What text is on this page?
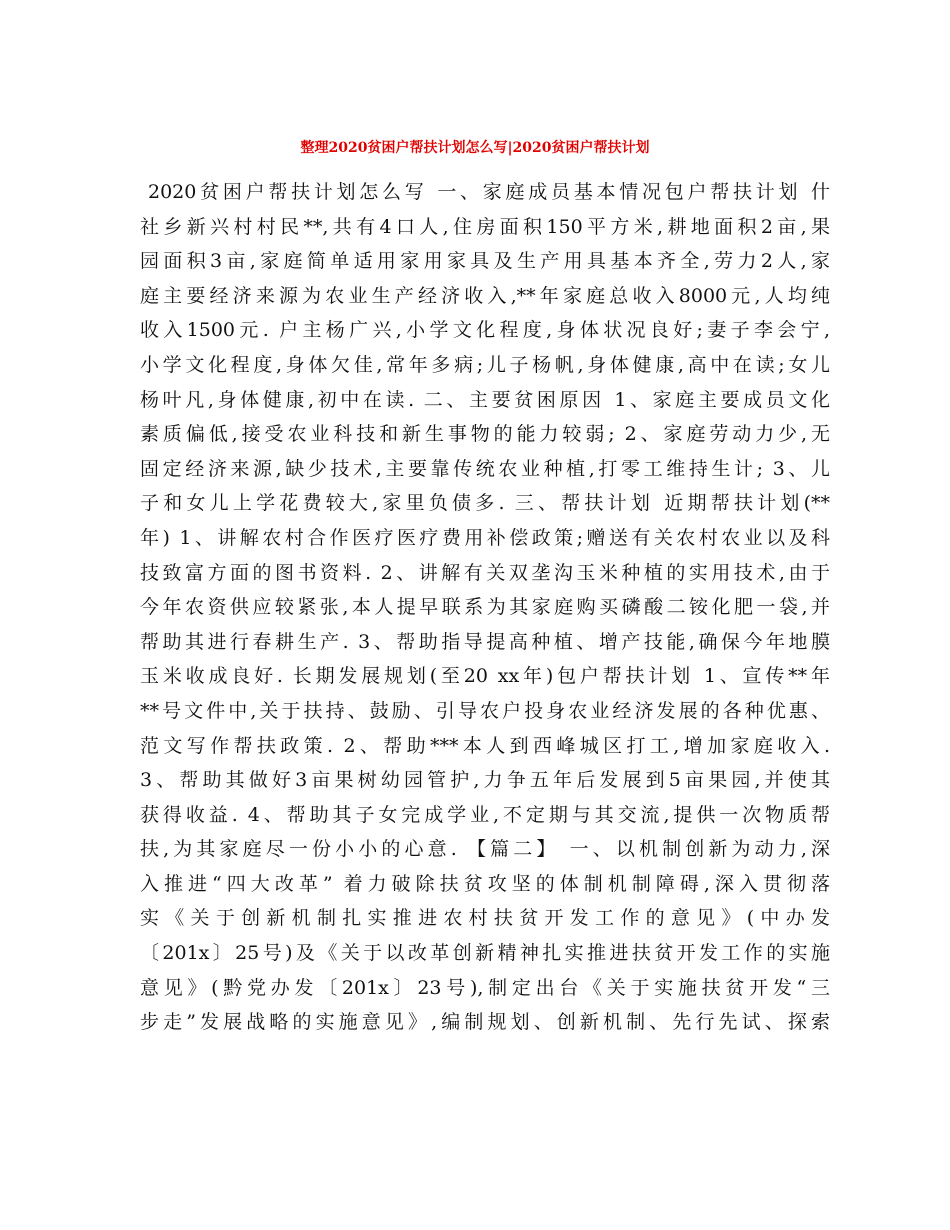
整理2020贫困户帮扶计划怎么写|2020贫困户帮扶计划
2020贫困户帮扶计划怎么写 一、家庭成员基本情况包户帮扶计划 什
社乡新兴村村民**,共有4口人,住房面积150平方米,耕地面积2亩,果
园面积3亩,家庭简单适用家用家具及生产用具基本齐全,劳力2人,家
庭主要经济来源为农业生产经济收入,**年家庭总收入8000元,人均纯
收入1500元. 户主杨广兴,小学文化程度,身体状况良好;妻子李会宁,
小学文化程度,身体欠佳,常年多病;儿子杨帆,身体健康,高中在读;女儿
杨叶凡,身体健康,初中在读. 二、主要贫困原因 1、家庭主要成员文化
素质偏低,接受农业科技和新生事物的能力较弱; 2、家庭劳动力少,无
固定经济来源,缺少技术,主要靠传统农业种植,打零工维持生计; 3、儿
子和女儿上学花费较大,家里负债多. 三、帮扶计划 近期帮扶计划(**
年) 1、讲解农村合作医疗医疗费用补偿政策;赠送有关农村农业以及科
技致富方面的图书资料. 2、讲解有关双垄沟玉米种植的实用技术,由于
今年农资供应较紧张,本人提早联系为其家庭购买磷酸二铵化肥一袋,并
帮助其进行春耕生产. 3、帮助指导提高种植、增产技能,确保今年地膜
玉米收成良好. 长期发展规划(至20 xx年)包户帮扶计划 1、宣传**年
**号文件中,关于扶持、鼓励、引导农户投身农业经济发展的各种优惠、
范文写作帮扶政策. 2、帮助***本人到西峰城区打工,增加家庭收入.
3、帮助其做好3亩果树幼园管护,力争五年后发展到5亩果园,并使其
获得收益. 4、帮助其子女完成学业,不定期与其交流,提供一次物质帮
扶,为其家庭尽一份小小的心意. 【篇二】 一、以机制创新为动力,深
入推进“四大改革” 着力破除扶贫攻坚的体制机制障碍,深入贯彻落
实《关于创新机制扎实推进农村扶贫开发工作的意见》(中办发
〔201x〕25号)及《关于以改革创新精神扎实推进扶贫开发工作的实施
意见》(黔党办发〔201x〕23号),制定出台《关于实施扶贫开发“三
步走”发展战略的实施意见》,编制规划、创新机制、先行先试、探索
